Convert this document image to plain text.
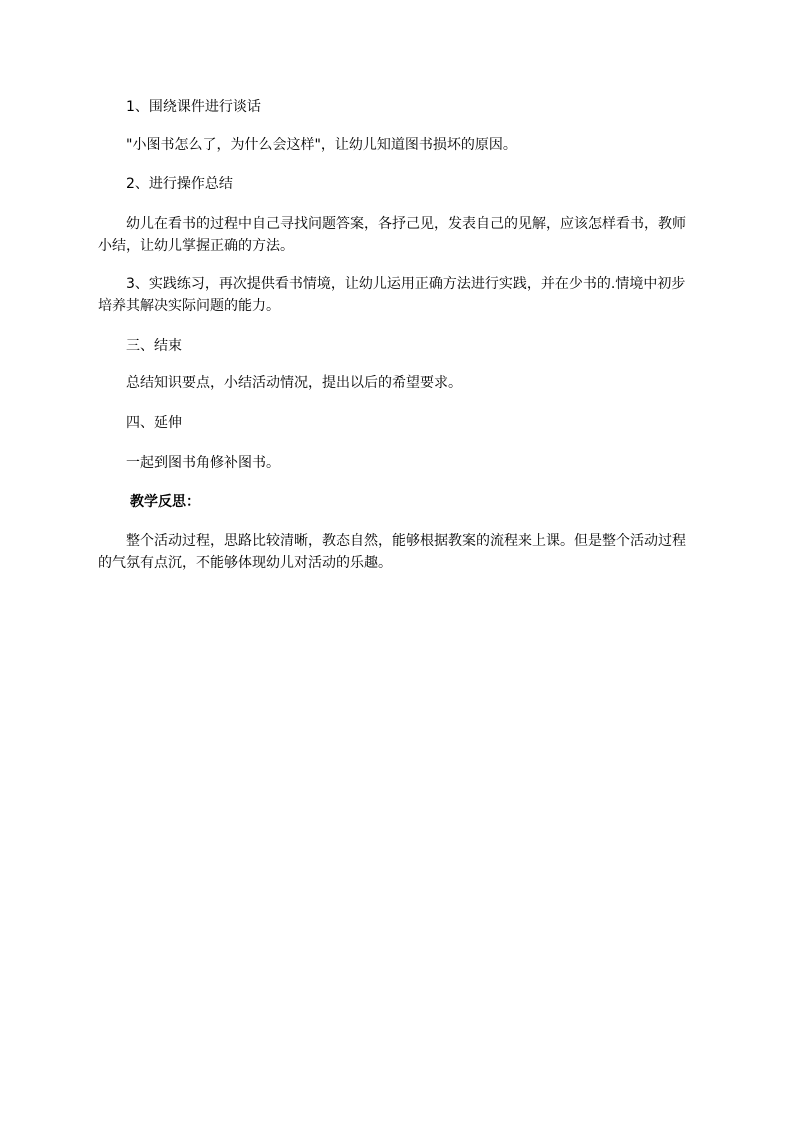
1、围绕课件进行谈话

"小图书怎么了，为什么会这样"，让幼儿知道图书损坏的原因。

2、进行操作总结

幼儿在看书的过程中自己寻找问题答案，各抒己见，发表自己的见解，应该怎样看书，教师小结，让幼儿掌握正确的方法。

3、实践练习，再次提供看书情境，让幼儿运用正确方法进行实践，并在少书的.情境中初步培养其解决实际问题的能力。

三、结束

总结知识要点，小结活动情况，提出以后的希望要求。

四、延伸

一起到图书角修补图书。

教学反思：

整个活动过程，思路比较清晰，教态自然，能够根据教案的流程来上课。但是整个活动过程的气氛有点沉，不能够体现幼儿对活动的乐趣。
